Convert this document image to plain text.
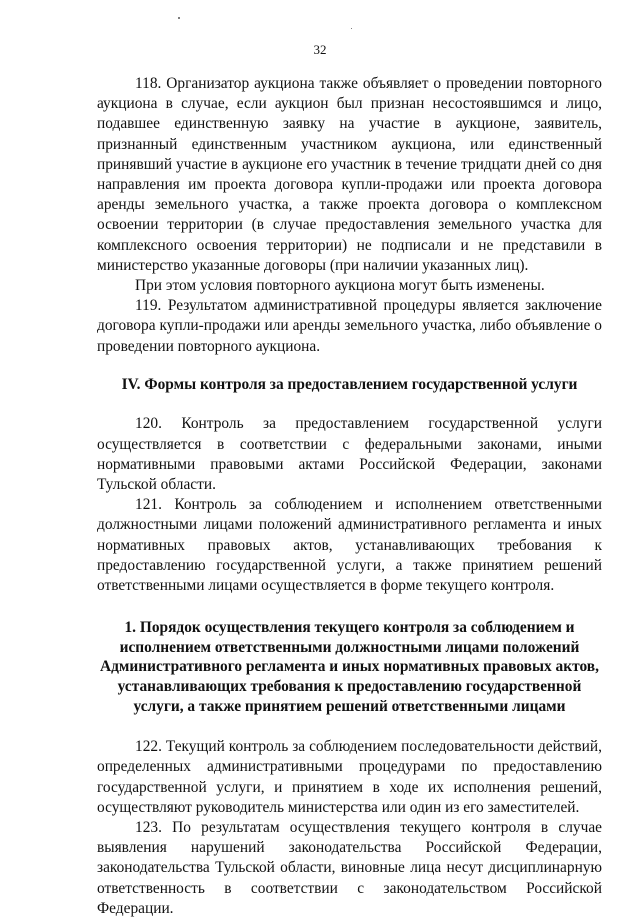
32

118. Организатор аукциона также объявляет о проведении повторного аукциона в случае, если аукцион был признан несостоявшимся и лицо, подавшее единственную заявку на участие в аукционе, заявитель, признанный единственным участником аукциона, или единственный принявший участие в аукционе его участник в течение тридцати дней со дня направления им проекта договора купли-продажи или проекта договора аренды земельного участка, а также проекта договора о комплексном освоении территории (в случае предоставления земельного участка для комплексного освоения территории) не подписали и не представили в министерство указанные договоры (при наличии указанных лиц).

При этом условия повторного аукциона могут быть изменены.

119. Результатом административной процедуры является заключение договора купли-продажи или аренды земельного участка, либо объявление о проведении повторного аукциона.

IV. Формы контроля за предоставлением государственной услуги

120. Контроль за предоставлением государственной услуги осуществляется в соответствии с федеральными законами, иными нормативными правовыми актами Российской Федерации, законами Тульской области.

121. Контроль за соблюдением и исполнением ответственными должностными лицами положений административного регламента и иных нормативных правовых актов, устанавливающих требования к предоставлению государственной услуги, а также принятием решений ответственными лицами осуществляется в форме текущего контроля.

1. Порядок осуществления текущего контроля за соблюдением и исполнением ответственными должностными лицами положений Административного регламента и иных нормативных правовых актов, устанавливающих требования к предоставлению государственной услуги, а также принятием решений ответственными лицами

122. Текущий контроль за соблюдением последовательности действий, определенных административными процедурами по предоставлению государственной услуги, и принятием в ходе их исполнения решений, осуществляют руководитель министерства или один из его заместителей.

123. По результатам осуществления текущего контроля в случае выявления нарушений законодательства Российской Федерации, законодательства Тульской области, виновные лица несут дисциплинарную ответственность в соответствии с законодательством Российской Федерации.
